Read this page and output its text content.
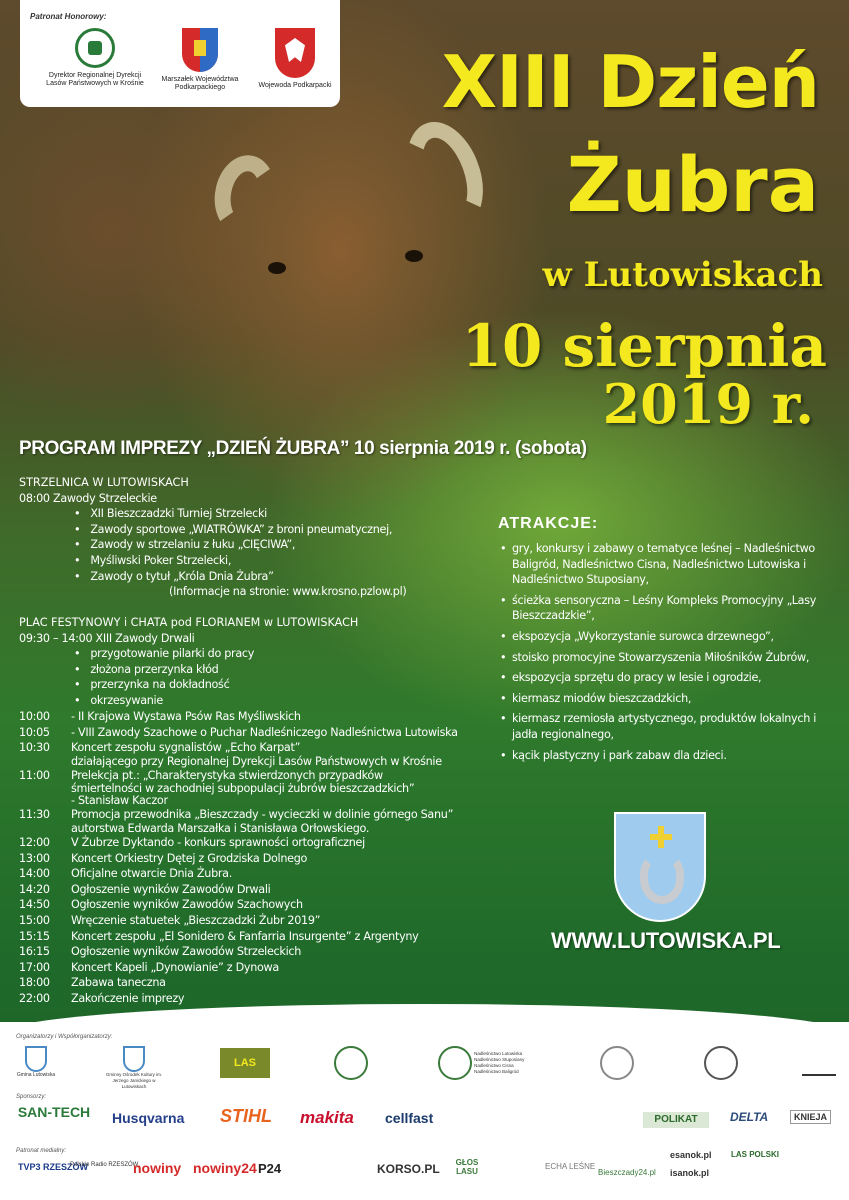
Patronat Honorowy:
Dyrektor Regionalnej Dyrekcji Lasów Państwowych w Krośnie
Marszałek Województwa Podkarpackiego	Wojewoda Podkarpacki XIII Dzień
Żubra
w Lutowiskach
10 sierpnia
2019 r.
PROGRAM IMPREZY „DZIEŃ ŻUBRA” 10 sierpnia 2019 r. (sobota)
STRZELNICA W LUTOWISKACH
08:00 Zawody Strzeleckie
• XII Bieszczadzki Turniej Strzelecki
• Zawody sportowe „WIATRÓWKA” z broni pneumatycznej,
• Zawody w strzelaniu z łuku „CIĘCIWA”,
• Myśliwski Poker Strzelecki,
• Zawody o tytuł „Króla Dnia Żubra”
(Informacje na stronie: www.krosno.pzlow.pl)
PLAC FESTYNOWY i CHATA pod FLORIANEM w LUTOWISKACH
09:30 – 14:00 XIII Zawody Drwali
• przygotowanie pilarki do pracy
• złożona przerzynka kłód
• przerzynka na dokładność
• okrzesywanie
10:00 - II Krajowa Wystawa Psów Ras Myśliwskich
10:05 - VIII Zawody Szachowe o Puchar Nadleśniczego Nadleśnictwa Lutowiska
10:30 Koncert zespołu sygnalistów „Echo Karpat”
działającego przy Regionalnej Dyrekcji Lasów Państwowych w Krośnie
11:00 Prelekcja pt.: „Charakterystyka stwierdzonych przypadków
śmiertelności w zachodniej subpopulacji żubrów bieszczadzkich”
- Stanisław Kaczor
11:30 Promocja przewodnika „Bieszczady - wycieczki w dolinie górnego Sanu”
autorstwa Edwarda Marszałka i Stanisława Orłowskiego.
12:00 V Żubrze Dyktando - konkurs sprawności ortograficznej
13:00 Koncert Orkiestry Dętej z Grodziska Dolnego
14:00 Oficjalne otwarcie Dnia Żubra.
14:20 Ogłoszenie wyników Zawodów Drwali
14:50 Ogłoszenie wyników Zawodów Szachowych
15:00 Wręczenie statuetek „Bieszczadzki Żubr 2019”
15:15 Koncert zespołu „El Sonidero & Fanfarria Insurgente” z Argentyny
16:15 Ogłoszenie wyników Zawodów Strzeleckich
17:00 Koncert Kapeli „Dynowianie” z Dynowa
18:00 Zabawa taneczna
22:00 Zakończenie imprezy
ATRAKCJE:
• gry, konkursy i zabawy o tematyce leśnej – Nadleśnictwo Baligród, Nadleśnictwo Cisna, Nadleśnictwo Lutowiska i Nadleśnictwo Stuposiany,
• ścieżka sensoryczna – Leśny Kompleks Promocyjny „Lasy Bieszczadzkie”,
• ekspozycja „Wykorzystanie surowca drzewnego”,
• stoisko promocyjne Stowarzyszenia Miłośników Żubrów,
• ekspozycja sprzętu do pracy w lesie i ogrodzie,
• kiermasz miodów bieszczadzkich,
• kiermasz rzemiosła artystycznego, produktów lokalnych i jadła regionalnego,
• kącik plastyczny i park zabaw dla dzieci.
WWW.LUTOWISKA.PL
Organizatorzy i Współorganizatorzy:
Gmina Lutowiska	Gminny Ośrodek Kultury im. Jerzego Janickiego w Lutowiskach
LAS
Nadleśnictwo Lutowiska Nadleśnictwo Stuposiany Nadleśnictwo Cisna Nadleśnictwo Baligród
Sponsorzy:
SAN-TECH Husqvarna STIHL makita cellfast	POLIKAT	DELTA	KNIEJA
Patronat medialny:
TVP3 RZESZÓW
Polskie Radio RZESZÓW
nowiny nowiny24 P24	KORSO.PL	GŁOS LASU
ECHA LEŚNE
Bieszczady24.pl
esanok.pl
isanok.pl
LAS POLSKI
